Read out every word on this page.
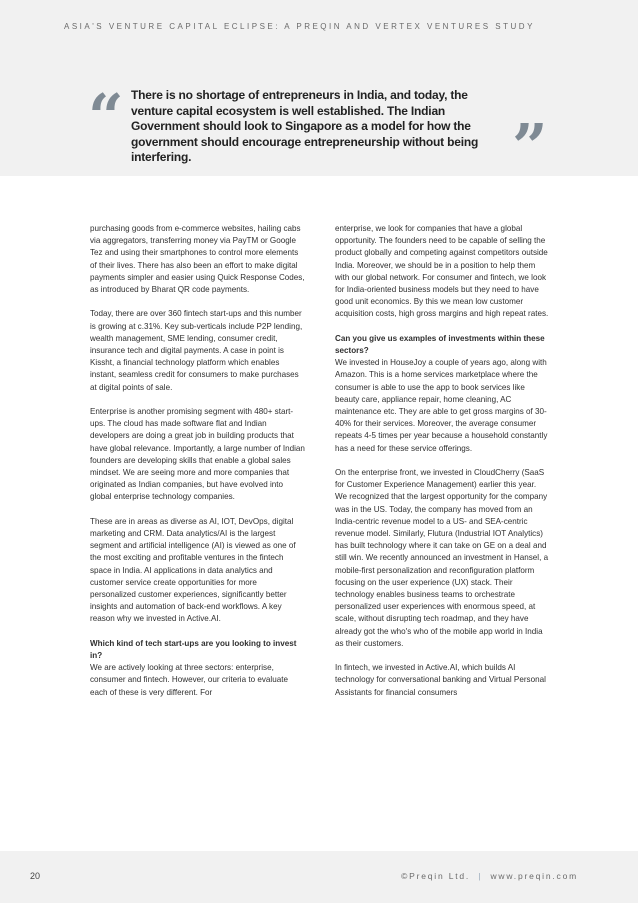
ASIA'S VENTURE CAPITAL ECLIPSE: A PREQIN AND VERTEX VENTURES STUDY
“ There is no shortage of entrepreneurs in India, and today, the venture capital ecosystem is well established. The Indian Government should look to Singapore as a model for how the government should encourage entrepreneurship without being interfering.	”

purchasing goods from e-commerce websites, hailing cabs via aggregators, transferring money via PayTM or Google Tez and using their smartphones to control more elements of their lives. There has also been an effort to make digital payments simpler and easier using Quick Response Codes, as introduced by Bharat QR code payments.

Today, there are over 360 fintech start-ups and this number is growing at c.31%. Key sub-verticals include P2P lending, wealth management, SME lending, consumer credit, insurance tech and digital payments. A case in point is Kissht, a financial technology platform which enables instant, seamless credit for consumers to make purchases at digital points of sale.

Enterprise is another promising segment with 480+ start-ups. The cloud has made software flat and Indian developers are doing a great job in building products that have global relevance. Importantly, a large number of Indian founders are developing skills that enable a global sales mindset. We are seeing more and more companies that originated as Indian companies, but have evolved into global enterprise technology companies.

These are in areas as diverse as AI, IOT, DevOps, digital marketing and CRM. Data analytics/AI is the largest segment and artificial intelligence (AI) is viewed as one of the most exciting and profitable ventures in the fintech space in India. AI applications in data analytics and customer service create opportunities for more personalized customer experiences, significantly better insights and automation of back-end workflows. A key reason why we invested in Active.AI.

Which kind of tech start-ups are you looking to invest in?

We are actively looking at three sectors: enterprise, consumer and fintech. However, our criteria to evaluate each of these is very different. For

enterprise, we look for companies that have a global opportunity. The founders need to be capable of selling the product globally and competing against competitors outside India. Moreover, we should be in a position to help them with our global network. For consumer and fintech, we look for India-oriented business models but they need to have good unit economics. By this we mean low customer acquisition costs, high gross margins and high repeat rates.

Can you give us examples of investments within these sectors?

We invested in HouseJoy a couple of years ago, along with Amazon. This is a home services marketplace where the consumer is able to use the app to book services like beauty care, appliance repair, home cleaning, AC maintenance etc. They are able to get gross margins of 30-40% for their services. Moreover, the average consumer repeats 4-5 times per year because a household constantly has a need for these service offerings.

On the enterprise front, we invested in CloudCherry (SaaS for Customer Experience Management) earlier this year. We recognized that the largest opportunity for the company was in the US. Today, the company has moved from an India-centric revenue model to a US- and SEA-centric revenue model. Similarly, Flutura (Industrial IOT Analytics) has built technology where it can take on GE on a deal and still win. We recently announced an investment in Hansel, a mobile-first personalization and reconfiguration platform focusing on the user experience (UX) stack. Their technology enables business teams to orchestrate personalized user experiences with enormous speed, at scale, without disrupting tech roadmap, and they have already got the who's who of the mobile app world in India as their customers.

In fintech, we invested in Active.AI, which builds AI technology for conversational banking and Virtual Personal Assistants for financial consumers

20	©Preqin Ltd. | www.preqin.com
